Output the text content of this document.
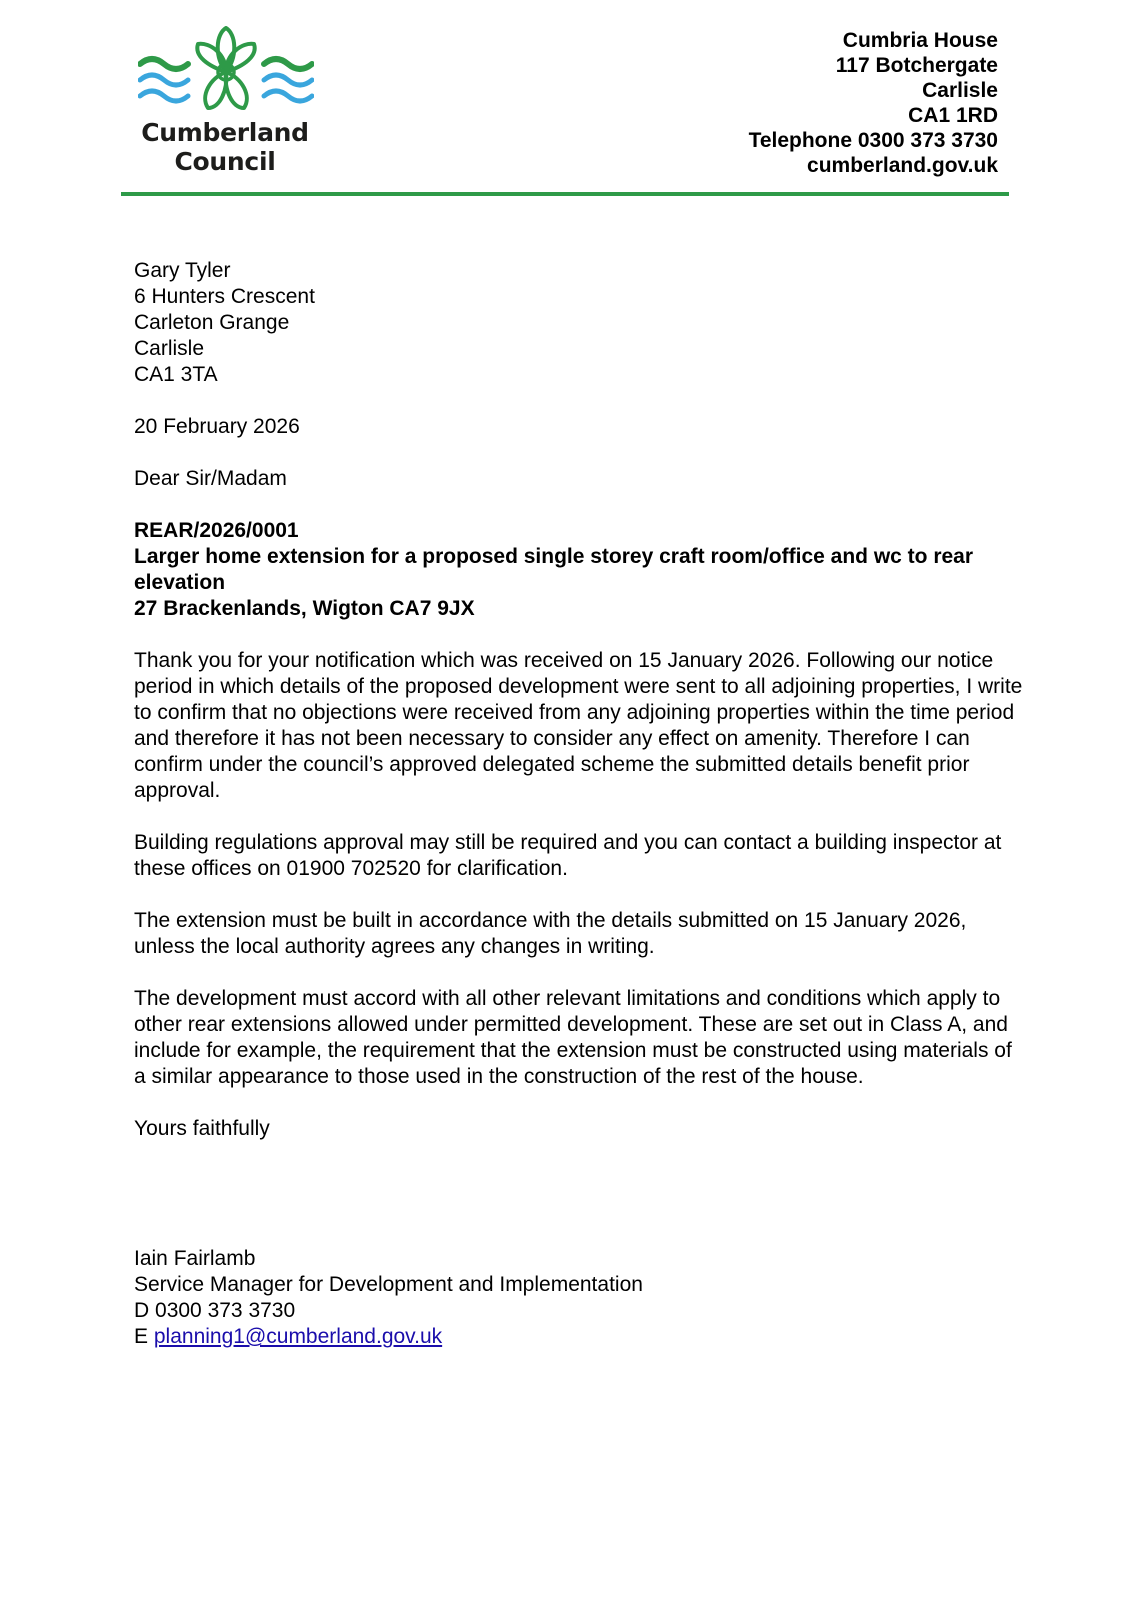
Cumberland
Council
Cumbria House
117 Botchergate
Carlisle
CA1 1RD
Telephone 0300 373 3730
cumberland.gov.uk

Gary Tyler
6 Hunters Crescent
Carleton Grange
Carlisle
CA1 3TA

20 February 2026

Dear Sir/Madam

REAR/2026/0001
Larger home extension for a proposed single storey craft room/office and wc to rear elevation
27 Brackenlands, Wigton CA7 9JX

Thank you for your notification which was received on 15 January 2026. Following our notice period in which details of the proposed development were sent to all adjoining properties, I write to confirm that no objections were received from any adjoining properties within the time period and therefore it has not been necessary to consider any effect on amenity. Therefore I can confirm under the council’s approved delegated scheme the submitted details benefit prior approval.

Building regulations approval may still be required and you can contact a building inspector at these offices on 01900 702520 for clarification.

The extension must be built in accordance with the details submitted on 15 January 2026, unless the local authority agrees any changes in writing.

The development must accord with all other relevant limitations and conditions which apply to other rear extensions allowed under permitted development. These are set out in Class A, and include for example, the requirement that the extension must be constructed using materials of a similar appearance to those used in the construction of the rest of the house.

Yours faithfully

Iain Fairlamb
Service Manager for Development and Implementation
D 0300 373 3730
E planning1@cumberland.gov.uk
